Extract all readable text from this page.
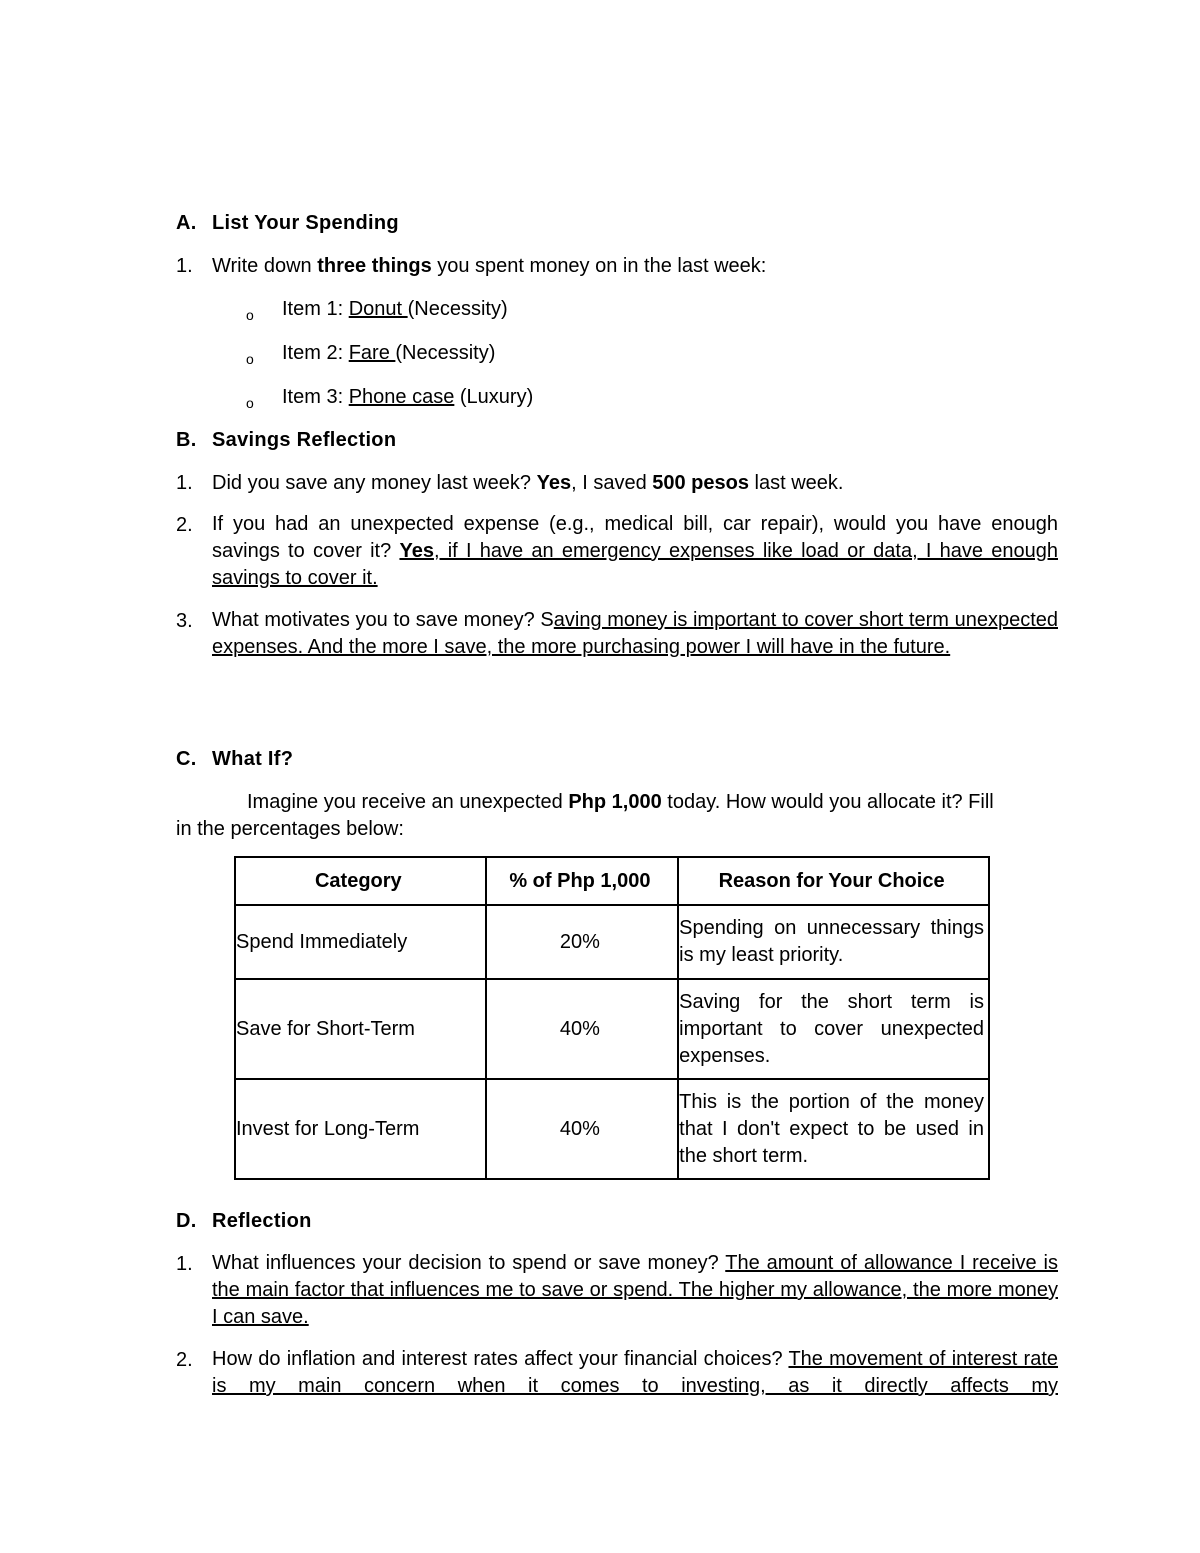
A. List Your Spending
1. Write down three things you spent money on in the last week:
o Item 1: Donut (Necessity)
o Item 2: Fare (Necessity)
o Item 3: Phone case (Luxury)
B. Savings Reflection
1. Did you save any money last week? Yes, I saved 500 pesos last week.
2. If you had an unexpected expense (e.g., medical bill, car repair), would you have enough savings to cover it? Yes, if I have an emergency expenses like load or data, I have enough savings to cover it.
3. What motivates you to save money? Saving money is important to cover short term unexpected expenses. And the more I save, the more purchasing power I will have in the future.
C. What If?
Imagine you receive an unexpected Php 1,000 today. How would you allocate it? Fill
in the percentages below:
Category	% of Php 1,000	Reason for Your Choice
Spend Immediately	20%	Spending on unnecessary things is my least priority.
Save for Short-Term	40%	Saving for the short term is important to cover unexpected expenses.
Invest for Long-Term	40%	This is the portion of the money that I don't expect to be used in the short term.
D. Reflection
1. What influences your decision to spend or save money? The amount of allowance I receive is the main factor that influences me to save or spend. The higher my allowance, the more money I can save.
2. How do inflation and interest rates affect your financial choices? The movement of interest rate is my main concern when it comes to investing, as it directly affects my
